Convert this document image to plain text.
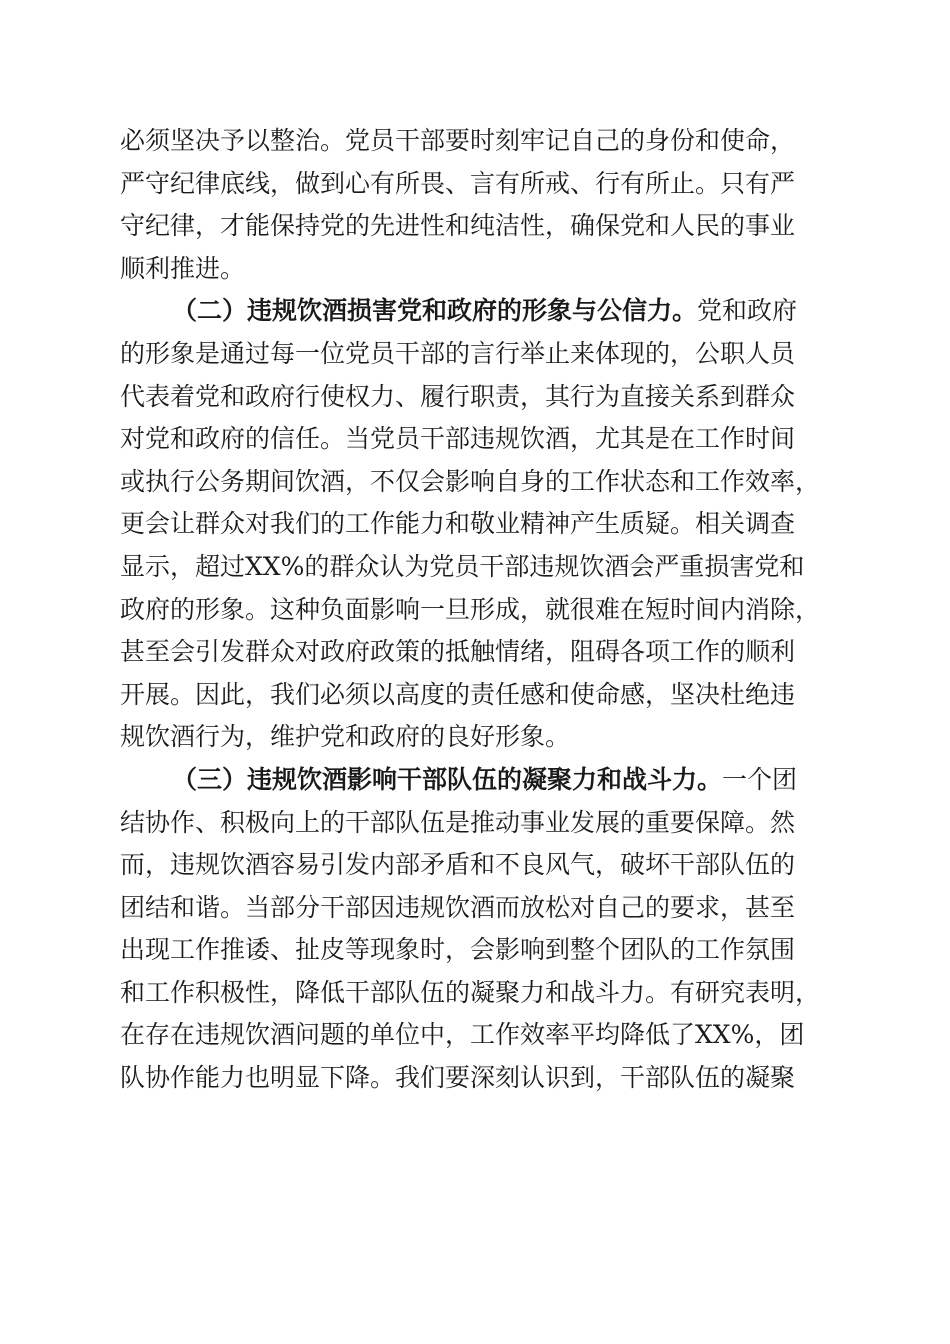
必须坚决予以整治。党员干部要时刻牢记自己的身份和使命，
严守纪律底线，做到心有所畏、言有所戒、行有所止。只有严
守纪律，才能保持党的先进性和纯洁性，确保党和人民的事业
顺利推进。
（二）违规饮酒损害党和政府的形象与公信力。党和政府
的形象是通过每一位党员干部的言行举止来体现的，公职人员
代表着党和政府行使权力、履行职责，其行为直接关系到群众
对党和政府的信任。当党员干部违规饮酒，尤其是在工作时间
或执行公务期间饮酒，不仅会影响自身的工作状态和工作效率，
更会让群众对我们的工作能力和敬业精神产生质疑。相关调查
显示，超过XX%的群众认为党员干部违规饮酒会严重损害党和
政府的形象。这种负面影响一旦形成，就很难在短时间内消除，
甚至会引发群众对政府政策的抵触情绪，阻碍各项工作的顺利
开展。因此，我们必须以高度的责任感和使命感，坚决杜绝违
规饮酒行为，维护党和政府的良好形象。
（三）违规饮酒影响干部队伍的凝聚力和战斗力。一个团
结协作、积极向上的干部队伍是推动事业发展的重要保障。然
而，违规饮酒容易引发内部矛盾和不良风气，破坏干部队伍的
团结和谐。当部分干部因违规饮酒而放松对自己的要求，甚至
出现工作推诿、扯皮等现象时，会影响到整个团队的工作氛围
和工作积极性，降低干部队伍的凝聚力和战斗力。有研究表明，
在存在违规饮酒问题的单位中，工作效率平均降低了XX%，团
队协作能力也明显下降。我们要深刻认识到，干部队伍的凝聚
